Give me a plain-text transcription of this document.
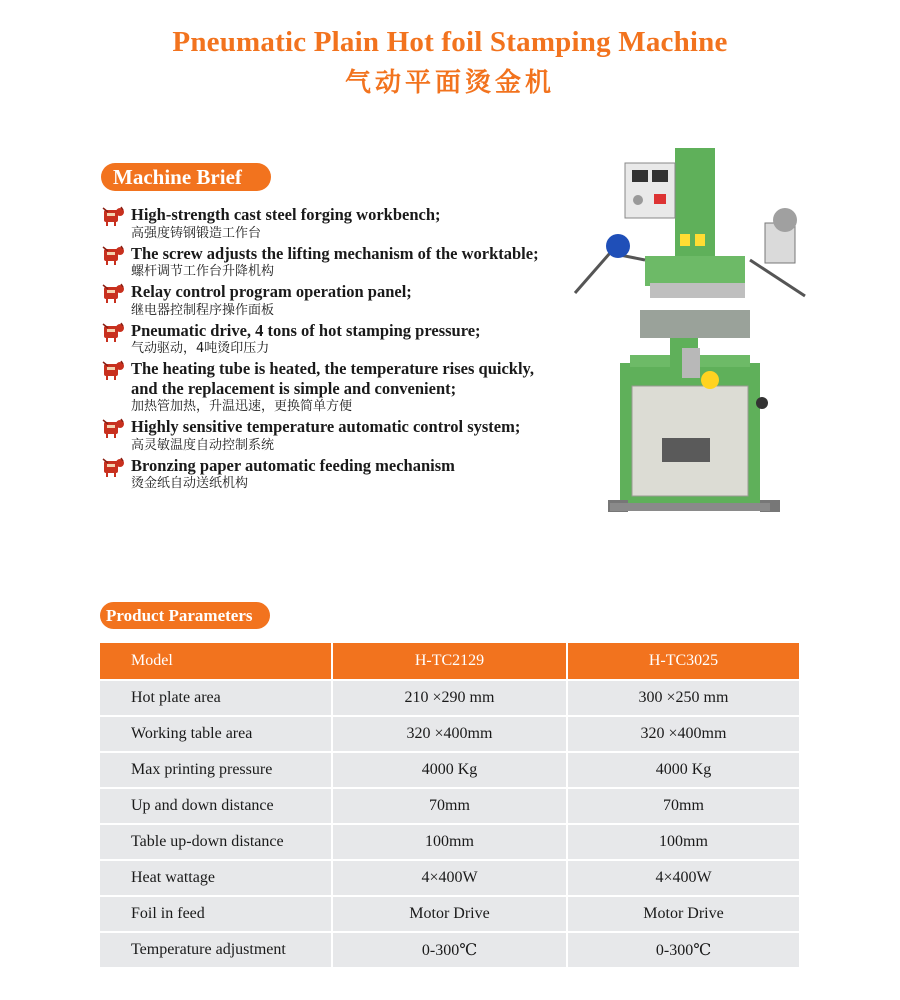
Pneumatic Plain Hot foil Stamping Machine
气动平面烫金机
Machine Brief
High-strength cast steel forging workbench;
高强度铸钢锻造工作台
The screw adjusts the lifting mechanism of the worktable;
螺杆调节工作台升降机构
Relay control program operation panel;
继电器控制程序操作面板
Pneumatic drive, 4 tons of hot stamping pressure;
气动驱动，4吨烫印压力
The heating tube is heated, the temperature rises quickly,
and the replacement is simple and convenient;
加热管加热，升温迅速，更换简单方便
Highly sensitive temperature automatic control system;
高灵敏温度自动控制系统
Bronzing paper automatic feeding mechanism
烫金纸自动送纸机构
Product Parameters
Model	H-TC2129	H-TC3025
Hot plate area	210 ×290 mm	300 ×250 mm
Working table area	320 ×400mm	320 ×400mm
Max printing pressure	4000 Kg	4000 Kg
Up and down distance	70mm	70mm
Table up-down distance	100mm	100mm
Heat wattage	4×400W	4×400W
Foil in feed	Motor Drive	Motor Drive
Temperature adjustment	0-300℃	0-300℃
